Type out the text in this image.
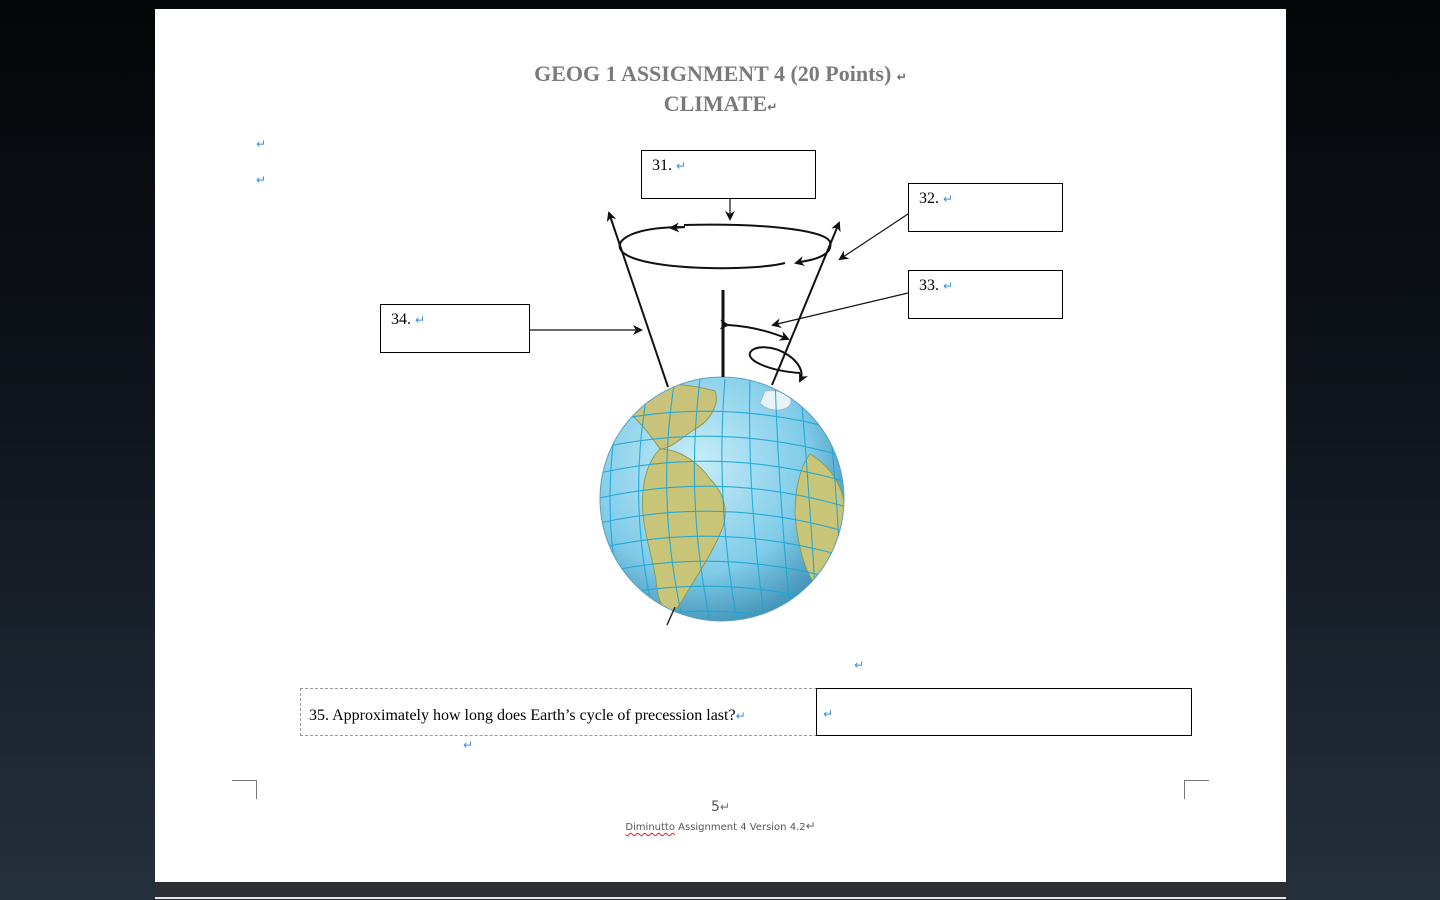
GEOG 1 ASSIGNMENT 4 (20 Points) ↵
CLIMATE↵
↵
↵
31. ↵
32. ↵
33. ↵
34. ↵
↵
35. Approximately how long does Earth’s cycle of precession last?↵	↵
↵
5↵
Diminutto Assignment 4 Version 4.2↵
